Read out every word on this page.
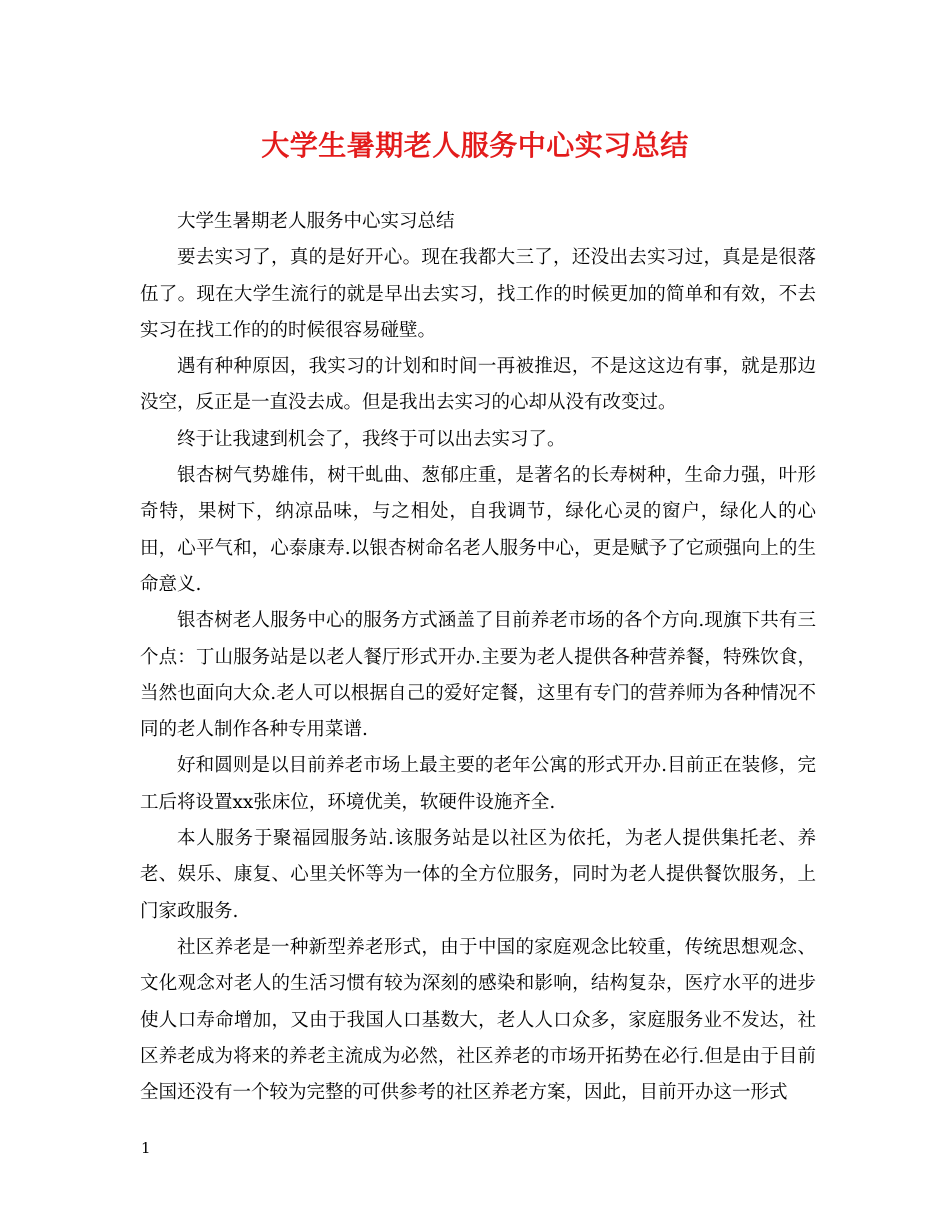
大学生暑期老人服务中心实习总结

大学生暑期老人服务中心实习总结

要去实习了，真的是好开心。现在我都大三了，还没出去实习过，真是是很落伍了。现在大学生流行的就是早出去实习，找工作的时候更加的简单和有效，不去实习在找工作的的时候很容易碰壁。

遇有种种原因，我实习的计划和时间一再被推迟，不是这这边有事，就是那边没空，反正是一直没去成。但是我出去实习的心却从没有改变过。

终于让我逮到机会了，我终于可以出去实习了。

银杏树气势雄伟，树干虬曲、葱郁庄重，是著名的长寿树种，生命力强，叶形奇特，果树下，纳凉品味，与之相处，自我调节，绿化心灵的窗户，绿化人的心田，心平气和，心泰康寿.以银杏树命名老人服务中心，更是赋予了它顽强向上的生命意义.

银杏树老人服务中心的服务方式涵盖了目前养老市场的各个方向.现旗下共有三个点：丁山服务站是以老人餐厅形式开办.主要为老人提供各种营养餐，特殊饮食，当然也面向大众.老人可以根据自己的爱好定餐，这里有专门的营养师为各种情况不同的老人制作各种专用菜谱.

好和圆则是以目前养老市场上最主要的老年公寓的形式开办.目前正在装修，完工后将设置xx张床位，环境优美，软硬件设施齐全.

本人服务于聚福园服务站.该服务站是以社区为依托，为老人提供集托老、养老、娱乐、康复、心里关怀等为一体的全方位服务，同时为老人提供餐饮服务，上门家政服务.

社区养老是一种新型养老形式，由于中国的家庭观念比较重，传统思想观念、文化观念对老人的生活习惯有较为深刻的感染和影响，结构复杂，医疗水平的进步使人口寿命增加，又由于我国人口基数大，老人人口众多，家庭服务业不发达，社区养老成为将来的养老主流成为必然，社区养老的市场开拓势在必行.但是由于目前全国还没有一个较为完整的可供参考的社区养老方案，因此，目前开办这一形式

1
